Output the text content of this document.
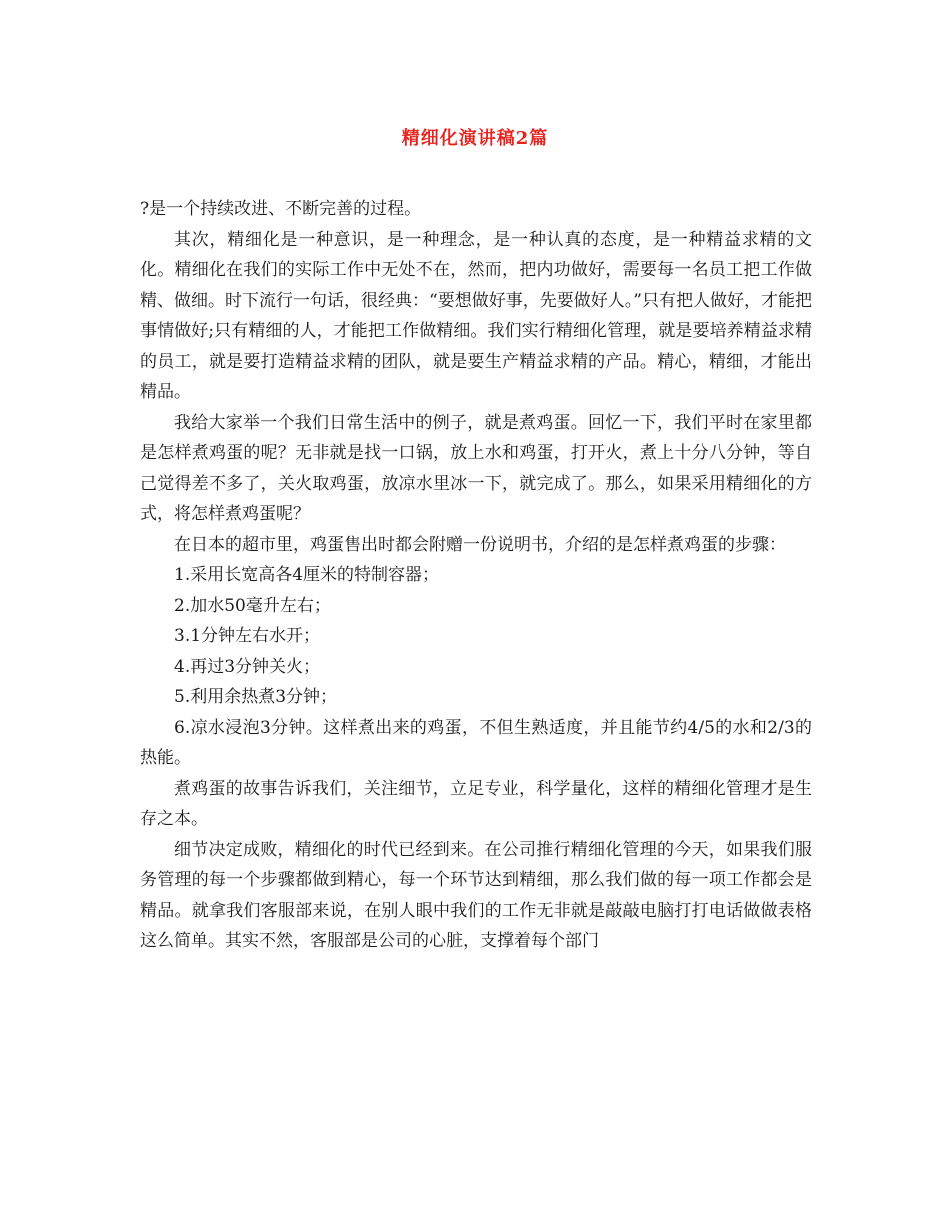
精细化演讲稿2篇

?是一个持续改进、不断完善的过程。

其次，精细化是一种意识，是一种理念，是一种认真的态度，是一种精益求精的文化。精细化在我们的实际工作中无处不在，然而，把内功做好，需要每一名员工把工作做精、做细。时下流行一句话，很经典：“要想做好事，先要做好人。”只有把人做好，才能把事情做好;只有精细的人，才能把工作做精细。我们实行精细化管理，就是要培养精益求精的员工，就是要打造精益求精的团队，就是要生产精益求精的产品。精心，精细，才能出精品。

我给大家举一个我们日常生活中的例子，就是煮鸡蛋。回忆一下，我们平时在家里都是怎样煮鸡蛋的呢？无非就是找一口锅，放上水和鸡蛋，打开火，煮上十分八分钟，等自己觉得差不多了，关火取鸡蛋，放凉水里冰一下，就完成了。那么，如果采用精细化的方式，将怎样煮鸡蛋呢？

在日本的超市里，鸡蛋售出时都会附赠一份说明书，介绍的是怎样煮鸡蛋的步骤：

1.采用长宽高各4厘米的特制容器；

2.加水50毫升左右；

3.1分钟左右水开；

4.再过3分钟关火；

5.利用余热煮3分钟；

6.凉水浸泡3分钟。这样煮出来的鸡蛋，不但生熟适度，并且能节约4/5的水和2/3的热能。

煮鸡蛋的故事告诉我们，关注细节，立足专业，科学量化，这样的精细化管理才是生存之本。

细节决定成败，精细化的时代已经到来。在公司推行精细化管理的今天，如果我们服务管理的每一个步骤都做到精心，每一个环节达到精细，那么我们做的每一项工作都会是精品。就拿我们客服部来说，在别人眼中我们的工作无非就是敲敲电脑打打电话做做表格这么简单。其实不然，客服部是公司的心脏，支撑着每个部门
